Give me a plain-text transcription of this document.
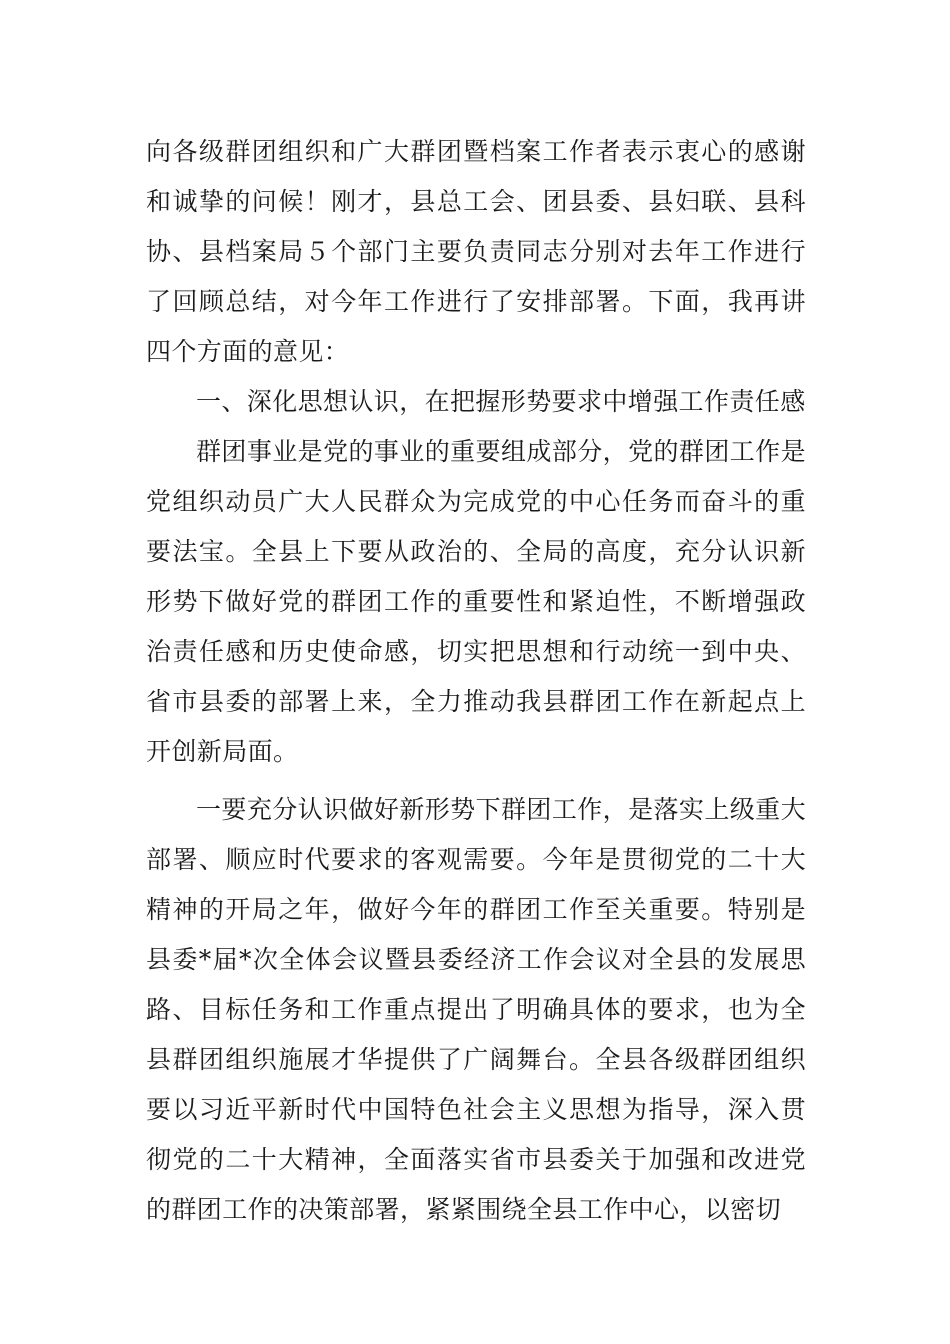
向各级群团组织和广大群团暨档案工作者表示衷心的感谢和诚挚的问候！刚才，县总工会、团县委、县妇联、县科协、县档案局５个部门主要负责同志分别对去年工作进行了回顾总结，对今年工作进行了安排部署。下面，我再讲四个方面的意见：

一、深化思想认识，在把握形势要求中增强工作责任感

群团事业是党的事业的重要组成部分，党的群团工作是党组织动员广大人民群众为完成党的中心任务而奋斗的重要法宝。全县上下要从政治的、全局的高度，充分认识新形势下做好党的群团工作的重要性和紧迫性，不断增强政治责任感和历史使命感，切实把思想和行动统一到中央、省市县委的部署上来，全力推动我县群团工作在新起点上开创新局面。

一要充分认识做好新形势下群团工作，是落实上级重大部署、顺应时代要求的客观需要。今年是贯彻党的二十大精神的开局之年，做好今年的群团工作至关重要。特别是县委*届*次全体会议暨县委经济工作会议对全县的发展思路、目标任务和工作重点提出了明确具体的要求，也为全县群团组织施展才华提供了广阔舞台。全县各级群团组织要以习近平新时代中国特色社会主义思想为指导，深入贯彻党的二十大精神，全面落实省市县委关于加强和改进党的群团工作的决策部署，紧紧围绕全县工作中心，以密切
